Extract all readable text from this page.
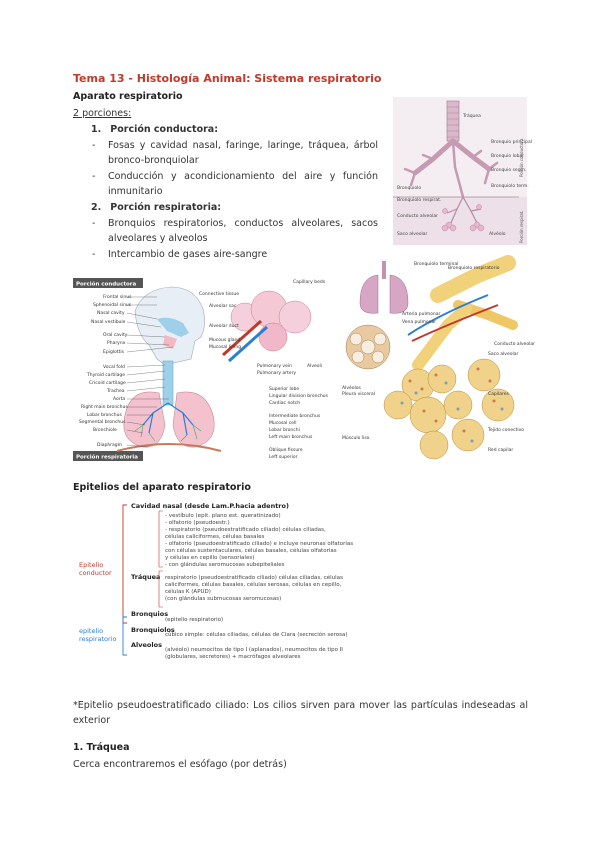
Tema 13 - Histología Animal: Sistema respiratorio
Aparato respiratorio
2 porciones:
1. Porción conductora:
- Fosas y cavidad nasal, faringe, laringe, tráquea, árbol bronco-bronquiolar
- Conducción y acondicionamiento del aire y función inmunitario
2. Porción respiratoria:
- Bronquios respiratorios, conductos alveolares, sacos alveolares y alveolos
- Intercambio de gases aire-sangre
Tráquea
Bronquio principal
Bronquio lobar
Bronquio segm.
Bronquiolo	Bronquiolo term.
Bronquiolo respirat.
Conducto alveolar
Saco alveolar	Alvéolo
Porción conductora
Porción respirat.
Porción conductora
Porción respiratoria
Frontal sinus
Sphenoidal sinus
Nasal cavity
Nasal vestibule
Oral cavity
Pharynx
Epiglottis
Vocal fold
Thyroid cartilage
Cricoid cartilage
Trachea
Aorta
Right main bronchus
Lobar bronchus
Segmental bronchus
Bronchiole
Diaphragm
Capillary beds
Connective tissue
Alveolar sac
Alveolar duct
Mucous gland
Mucosal lining
Pulmonary vein
Pulmonary artery
Alveoli
Superior lobe
Lingular division bronchus
Cardiac notch
Intermediate bronchus
Mucosal cell
Lobar bronchi
Left main bronchus
Oblique fissure
Left superior
Bronquiolo terminal
Bronquiolo respiratorio
Conducto alveolar
Saco alveolar
Alvéolos
Arteria pulmonar
Vena pulmonar
Capilares
Pleura visceral
Tejido conectivo
Músculo liso
Red capilar
Epitelios del aparato respiratorio
Epitelio
conductor
epitelio
respiratorio
Cavidad nasal (desde Lam.P.hacia adentro)
Tráquea
Bronquios
Bronquiolos
Alveolos
- vestíbulo (epit. plano est. queratinizado)
- olfatorio (pseudoestr.)
- respiratorio (pseudoestratificado ciliado) células ciliadas,
células caliciformes, células basales
- olfatorio (pseudoestratificado ciliado) e incluye neuronas olfatorias
con células sustentaculares, células basales, células olfatorias
y células en cepillo (sensoriales)
- con glándulas seromucosas subepiteliales
respiratorio (pseudoestratificado ciliado) células ciliadas, células
caliciformes, células basales, células serosas, células en cepillo,
células K (APUD)
(con glándulas submucosas seromucosas)
(epitelio respiratorio)
cúbico simple: células ciliadas, células de Clara (secreción serosa)
(alvéolo) neumocitos de tipo I (aplanados), neumocitos de tipo II
(globulares, secretores) + macrófagos alveolares
*Epitelio pseudoestratificado ciliado: Los cilios sirven para mover las partículas indeseadas al exterior
1. Tráquea
Cerca encontraremos el esófago (por detrás)
